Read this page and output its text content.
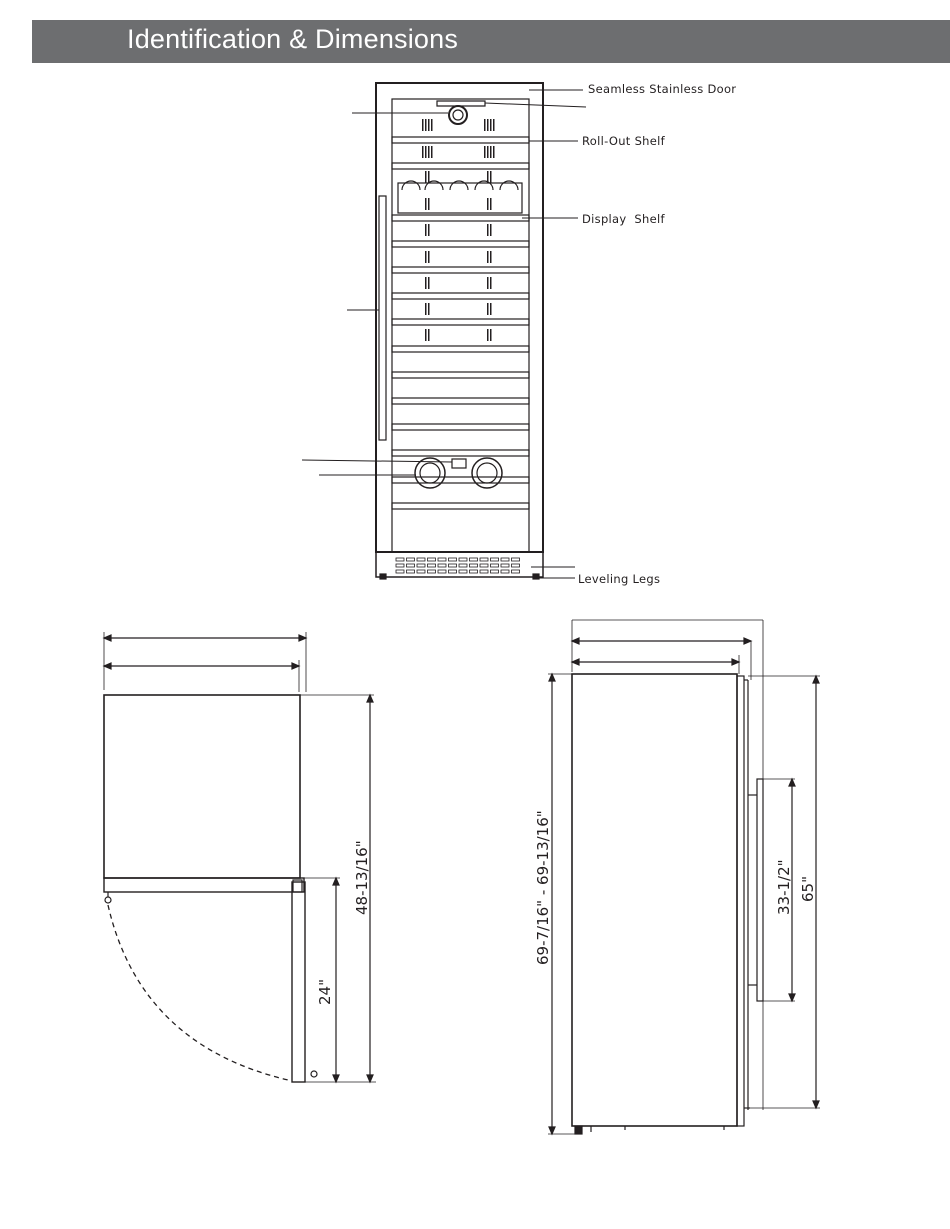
Identification & Dimensions
Seamless Stainless Door
Roll-Out Shelf
Display  Shelf
Leveling Legs
48-13/16"
24"
69-7/16" - 69-13/16"	33-1/2" 65"
